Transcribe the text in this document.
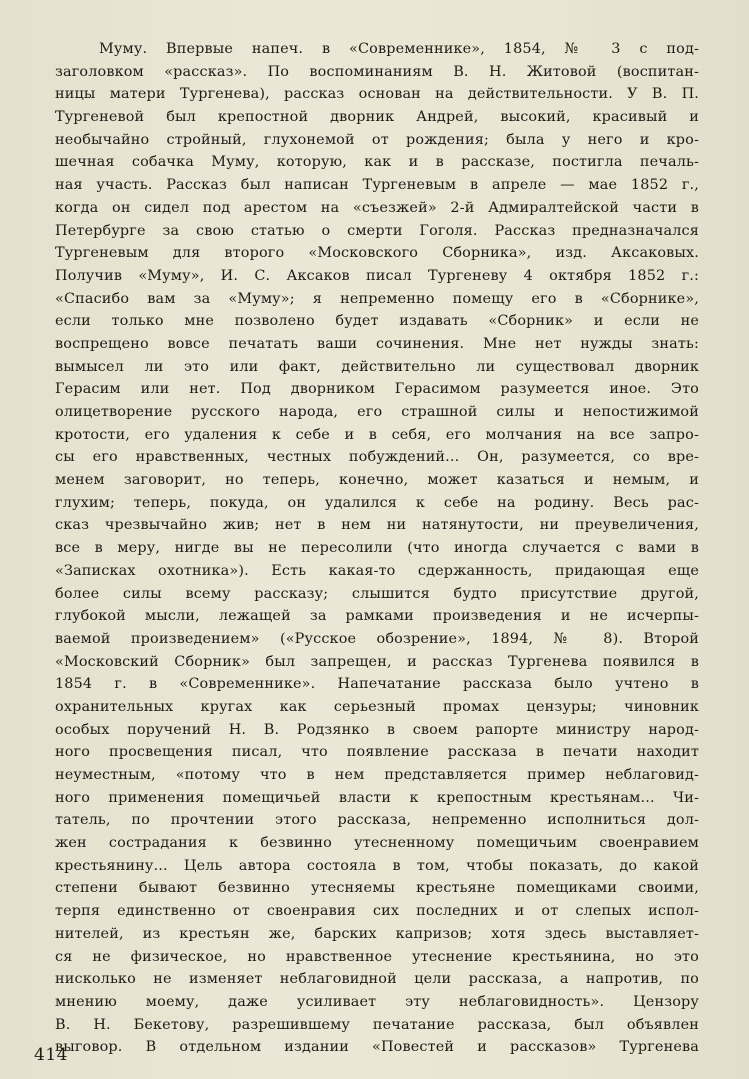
Муму. Впервые напеч. в «Современнике», 1854, № 3 с под-
заголовком «рассказ». По воспоминаниям В. Н. Житовой (воспитан-
ницы матери Тургенева), рассказ основан на действительности. У В. П.
Тургеневой был крепостной дворник Андрей, высокий, красивый и
необычайно стройный, глухонемой от рождения; была у него и кро-
шечная собачка Муму, которую, как и в рассказе, постигла печаль-
ная участь. Рассказ был написан Тургеневым в апреле — мае 1852 г.,
когда он сидел под арестом на «съезжей» 2-й Адмиралтейской части в
Петербурге за свою статью о смерти Гоголя. Рассказ предназначался
Тургеневым для второго «Московского Сборника», изд. Аксаковых.
Получив «Муму», И. С. Аксаков писал Тургеневу 4 октября 1852 г.:
«Спасибо вам за «Муму»; я непременно помещу его в «Сборнике»,
если только мне позволено будет издавать «Сборник» и если не
воспрещено вовсе печатать ваши сочинения. Мне нет нужды знать:
вымысел ли это или факт, действительно ли существовал дворник
Герасим или нет. Под дворником Герасимом разумеется иное. Это
олицетворение русского народа, его страшной силы и непостижимой
кротости, его удаления к себе и в себя, его молчания на все запро-
сы его нравственных, честных побуждений... Он, разумеется, со вре-
менем заговорит, но теперь, конечно, может казаться и немым, и
глухим; теперь, покуда, он удалился к себе на родину. Весь рас-
сказ чрезвычайно жив; нет в нем ни натянутости, ни преувеличения,
все в меру, нигде вы не пересолили (что иногда случается с вами в
«Записках охотника»). Есть какая-то сдержанность, придающая еще
более силы всему рассказу; слышится будто присутствие другой,
глубокой мысли, лежащей за рамками произведения и не исчерпы-
ваемой произведением» («Русское обозрение», 1894, № 8). Второй
«Московский Сборник» был запрещен, и рассказ Тургенева появился в
1854 г. в «Современнике». Напечатание рассказа было учтено в
охранительных кругах как серьезный промах цензуры; чиновник
особых поручений Н. В. Родзянко в своем рапорте министру народ-
ного просвещения писал, что появление рассказа в печати находит
неуместным, «потому что в нем представляется пример неблаговид-
ного применения помещичьей власти к крепостным крестьянам... Чи-
татель, по прочтении этого рассказа, непременно исполниться дол-
жен сострадания к безвинно утесненному помещичьим своенравием
крестьянину... Цель автора состояла в том, чтобы показать, до какой
степени бывают безвинно утесняемы крестьяне помещиками своими,
терпя единственно от своенравия сих последних и от слепых испол-
нителей, из крестьян же, барских капризов; хотя здесь выставляет-
ся не физическое, но нравственное утеснение крестьянина, но это
нисколько не изменяет неблаговидной цели рассказа, а напротив, по
мнению моему, даже усиливает эту неблаговидность». Цензору
В. Н. Бекетову, разрешившему печатание рассказа, был объявлен
выговор. В отдельном издании «Повестей и рассказов» Тургенева
414
